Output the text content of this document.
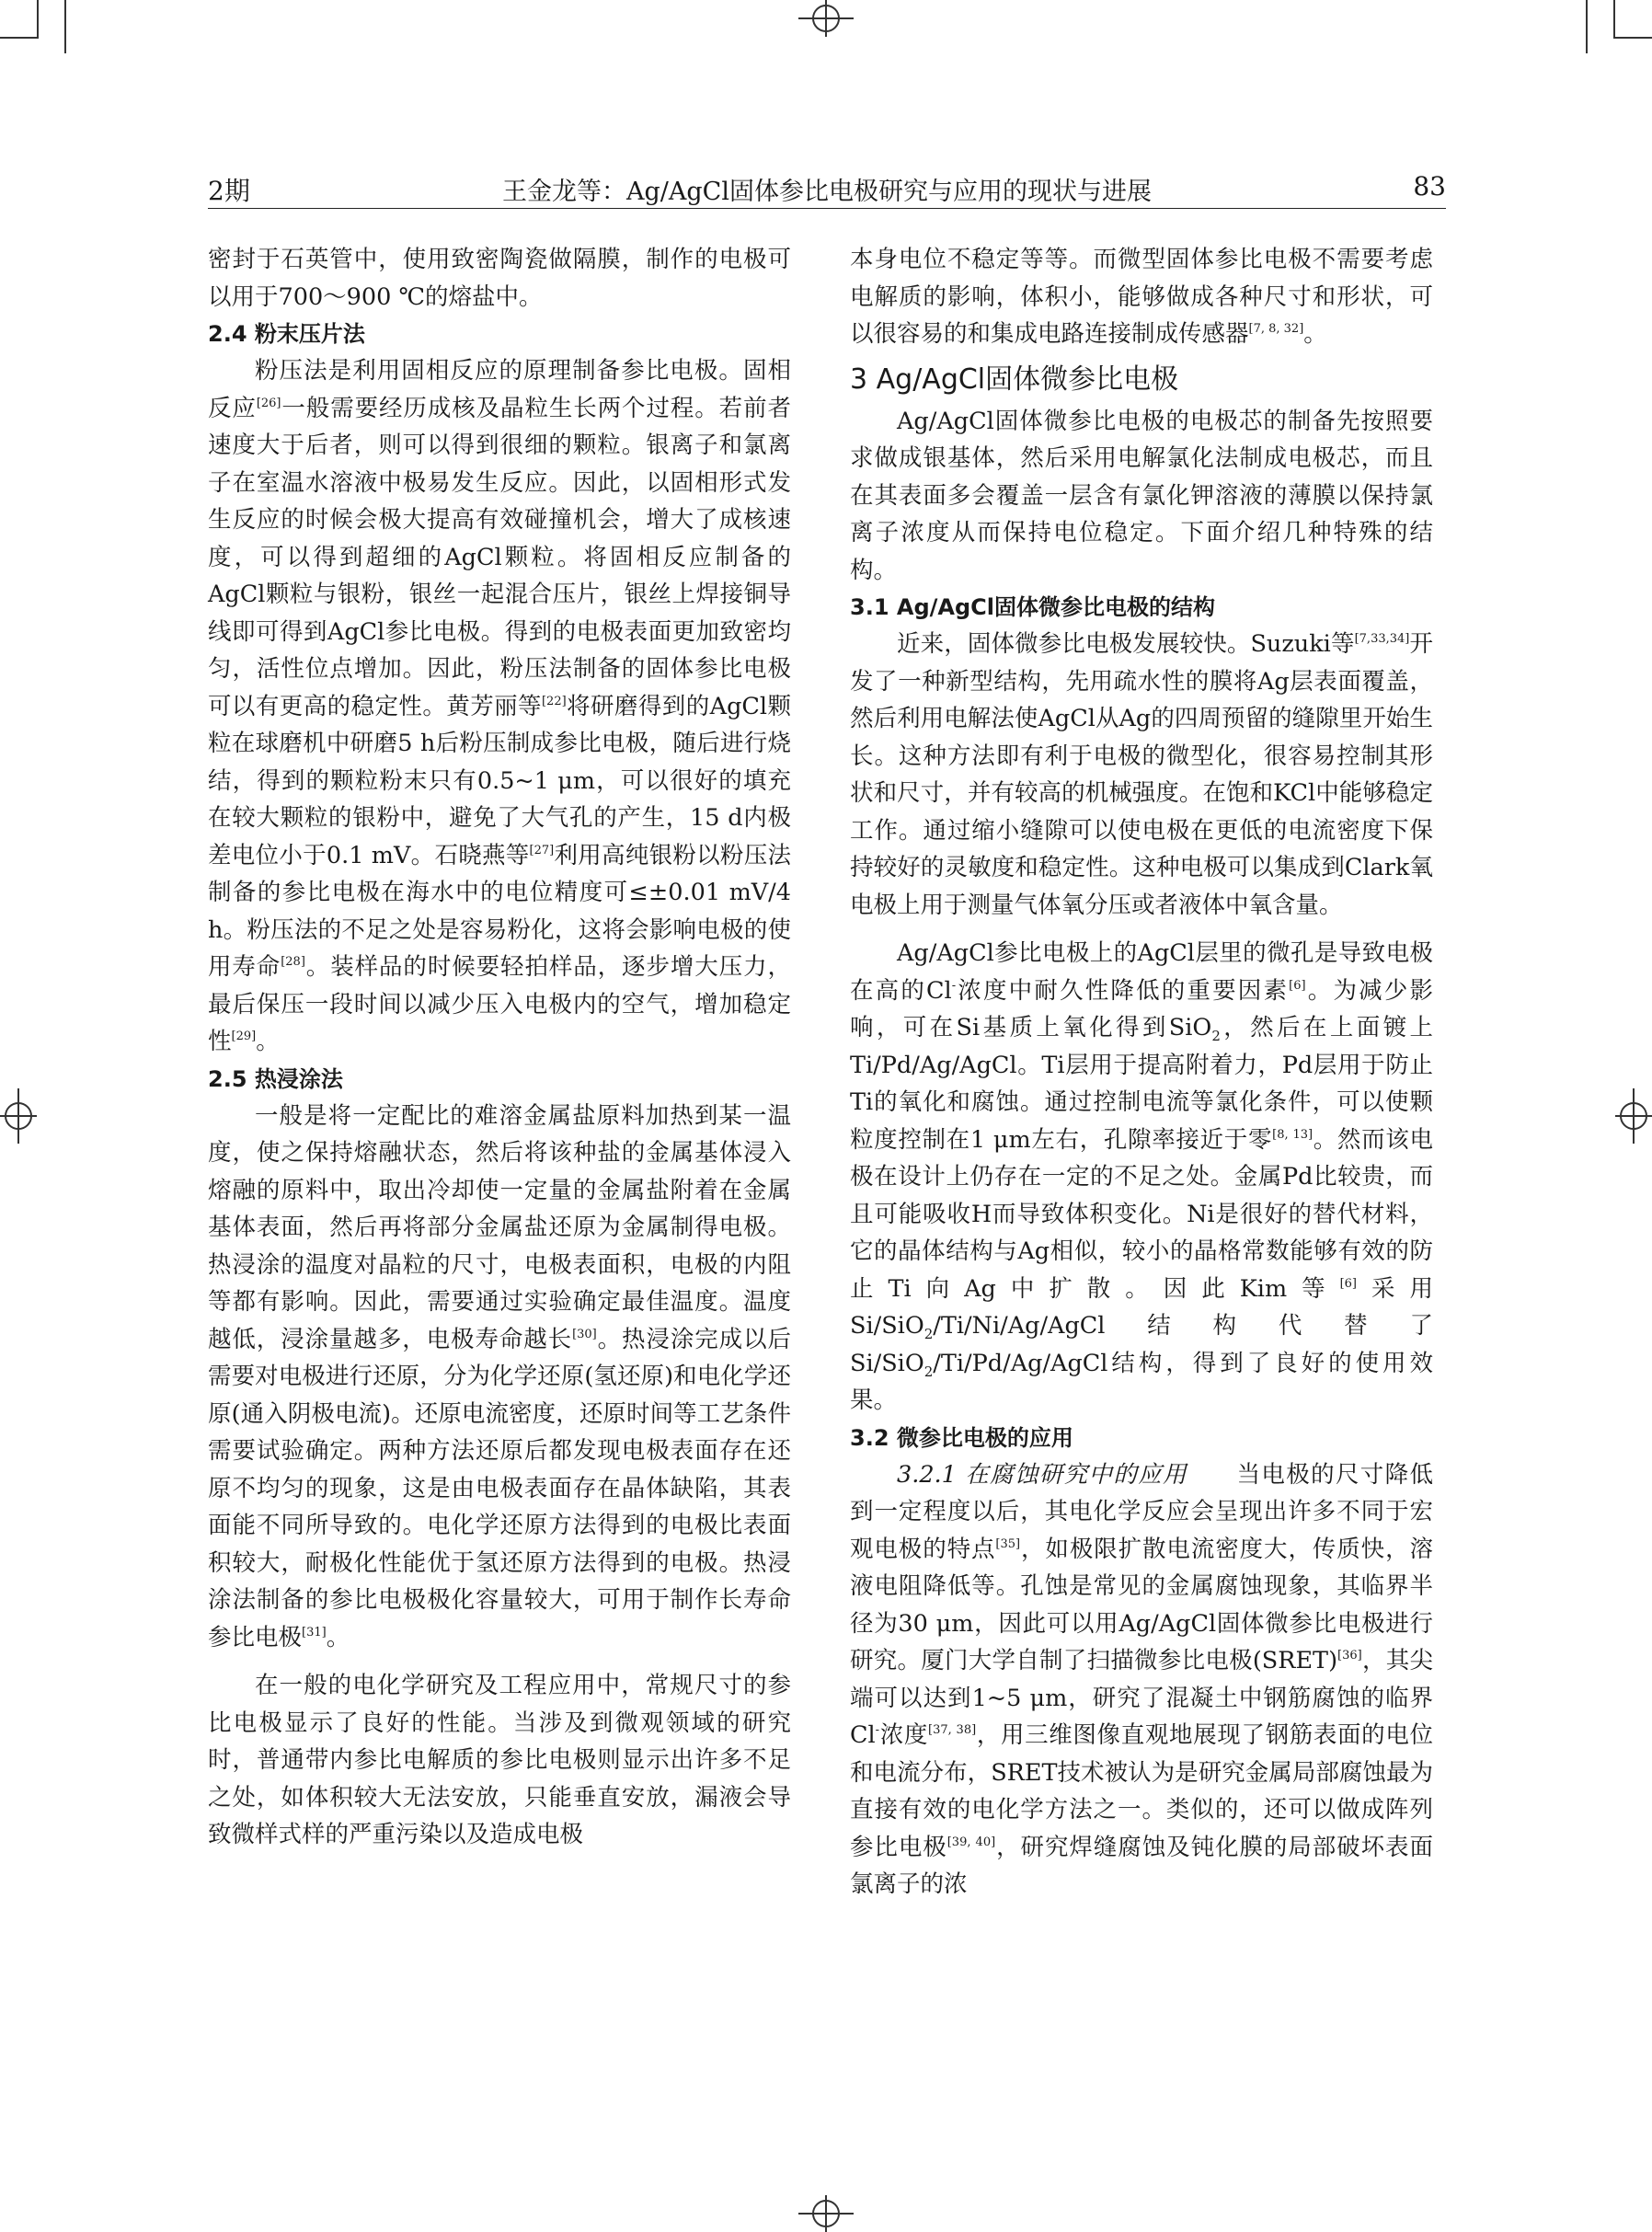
2期	王金龙等：Ag/AgCl固体参比电极研究与应用的现状与进展	83

密封于石英管中，使用致密陶瓷做隔膜，制作的电极可以用于700～900 ℃的熔盐中。

2.4 粉末压片法

粉压法是利用固相反应的原理制备参比电极。固相反应[26]一般需要经历成核及晶粒生长两个过程。若前者速度大于后者，则可以得到很细的颗粒。银离子和氯离子在室温水溶液中极易发生反应。因此，以固相形式发生反应的时候会极大提高有效碰撞机会，增大了成核速度，可以得到超细的AgCl颗粒。将固相反应制备的AgCl颗粒与银粉，银丝一起混合压片，银丝上焊接铜导线即可得到AgCl参比电极。得到的电极表面更加致密均匀，活性位点增加。因此，粉压法制备的固体参比电极可以有更高的稳定性。黄芳丽等[22]将研磨得到的AgCl颗粒在球磨机中研磨5 h后粉压制成参比电极，随后进行烧结，得到的颗粒粉末只有0.5~1 μm，可以很好的填充在较大颗粒的银粉中，避免了大气孔的产生，15 d内极差电位小于0.1 mV。石晓燕等[27]利用高纯银粉以粉压法制备的参比电极在海水中的电位精度可≤±0.01 mV/4 h。粉压法的不足之处是容易粉化，这将会影响电极的使用寿命[28]。装样品的时候要轻拍样品，逐步增大压力，最后保压一段时间以减少压入电极内的空气，增加稳定性[29]。

2.5 热浸涂法

一般是将一定配比的难溶金属盐原料加热到某一温度，使之保持熔融状态，然后将该种盐的金属基体浸入熔融的原料中，取出冷却使一定量的金属盐附着在金属基体表面，然后再将部分金属盐还原为金属制得电极。热浸涂的温度对晶粒的尺寸，电极表面积，电极的内阻等都有影响。因此，需要通过实验确定最佳温度。温度越低，浸涂量越多，电极寿命越长[30]。热浸涂完成以后需要对电极进行还原，分为化学还原(氢还原)和电化学还原(通入阴极电流)。还原电流密度，还原时间等工艺条件需要试验确定。两种方法还原后都发现电极表面存在还原不均匀的现象，这是由电极表面存在晶体缺陷，其表面能不同所导致的。电化学还原方法得到的电极比表面积较大，耐极化性能优于氢还原方法得到的电极。热浸涂法制备的参比电极极化容量较大，可用于制作长寿命参比电极[31]。

在一般的电化学研究及工程应用中，常规尺寸的参比电极显示了良好的性能。当涉及到微观领域的研究时，普通带内参比电解质的参比电极则显示出许多不足之处，如体积较大无法安放，只能垂直安放，漏液会导致微样式样的严重污染以及造成电极

本身电位不稳定等等。而微型固体参比电极不需要考虑电解质的影响，体积小，能够做成各种尺寸和形状，可以很容易的和集成电路连接制成传感器[7, 8, 32]。

3 Ag/AgCl固体微参比电极

Ag/AgCl固体微参比电极的电极芯的制备先按照要求做成银基体，然后采用电解氯化法制成电极芯，而且在其表面多会覆盖一层含有氯化钾溶液的薄膜以保持氯离子浓度从而保持电位稳定。下面介绍几种特殊的结构。

3.1 Ag/AgCl固体微参比电极的结构

近来，固体微参比电极发展较快。Suzuki等[7,33,34]开发了一种新型结构，先用疏水性的膜将Ag层表面覆盖，然后利用电解法使AgCl从Ag的四周预留的缝隙里开始生长。这种方法即有利于电极的微型化，很容易控制其形状和尺寸，并有较高的机械强度。在饱和KCl中能够稳定工作。通过缩小缝隙可以使电极在更低的电流密度下保持较好的灵敏度和稳定性。这种电极可以集成到Clark氧电极上用于测量气体氧分压或者液体中氧含量。

Ag/AgCl参比电极上的AgCl层里的微孔是导致电极在高的Cl-浓度中耐久性降低的重要因素[6]。为减少影响，可在Si基质上氧化得到SiO$_2$，然后在上面镀上Ti/Pd/Ag/AgCl。Ti层用于提高附着力，Pd层用于防止Ti的氧化和腐蚀。通过控制电流等氯化条件，可以使颗粒度控制在1 μm左右，孔隙率接近于零[8, 13]。然而该电极在设计上仍存在一定的不足之处。金属Pd比较贵，而且可能吸收H而导致体积变化。Ni是很好的替代材料，它的晶体结构与Ag相似，较小的晶格常数能够有效的防止Ti向Ag中扩散。因此Kim等[6]采用Si/SiO$_2$/Ti/Ni/Ag/AgCl结构代替了Si/SiO$_2$/Ti/Pd/Ag/AgCl结构，得到了良好的使用效果。

3.2 微参比电极的应用

3.2.1 在腐蚀研究中的应用　　 当电极的尺寸降低到一定程度以后，其电化学反应会呈现出许多不同于宏观电极的特点[35]，如极限扩散电流密度大，传质快，溶液电阻降低等。孔蚀是常见的金属腐蚀现象，其临界半径为30 μm，因此可以用Ag/AgCl固体微参比电极进行研究。厦门大学自制了扫描微参比电极(SRET)[36]，其尖端可以达到1~5 μm，研究了混凝土中钢筋腐蚀的临界Cl-浓度[37, 38]，用三维图像直观地展现了钢筋表面的电位和电流分布，SRET技术被认为是研究金属局部腐蚀最为直接有效的电化学方法之一。类似的，还可以做成阵列参比电极[39, 40]，研究焊缝腐蚀及钝化膜的局部破坏表面氯离子的浓
